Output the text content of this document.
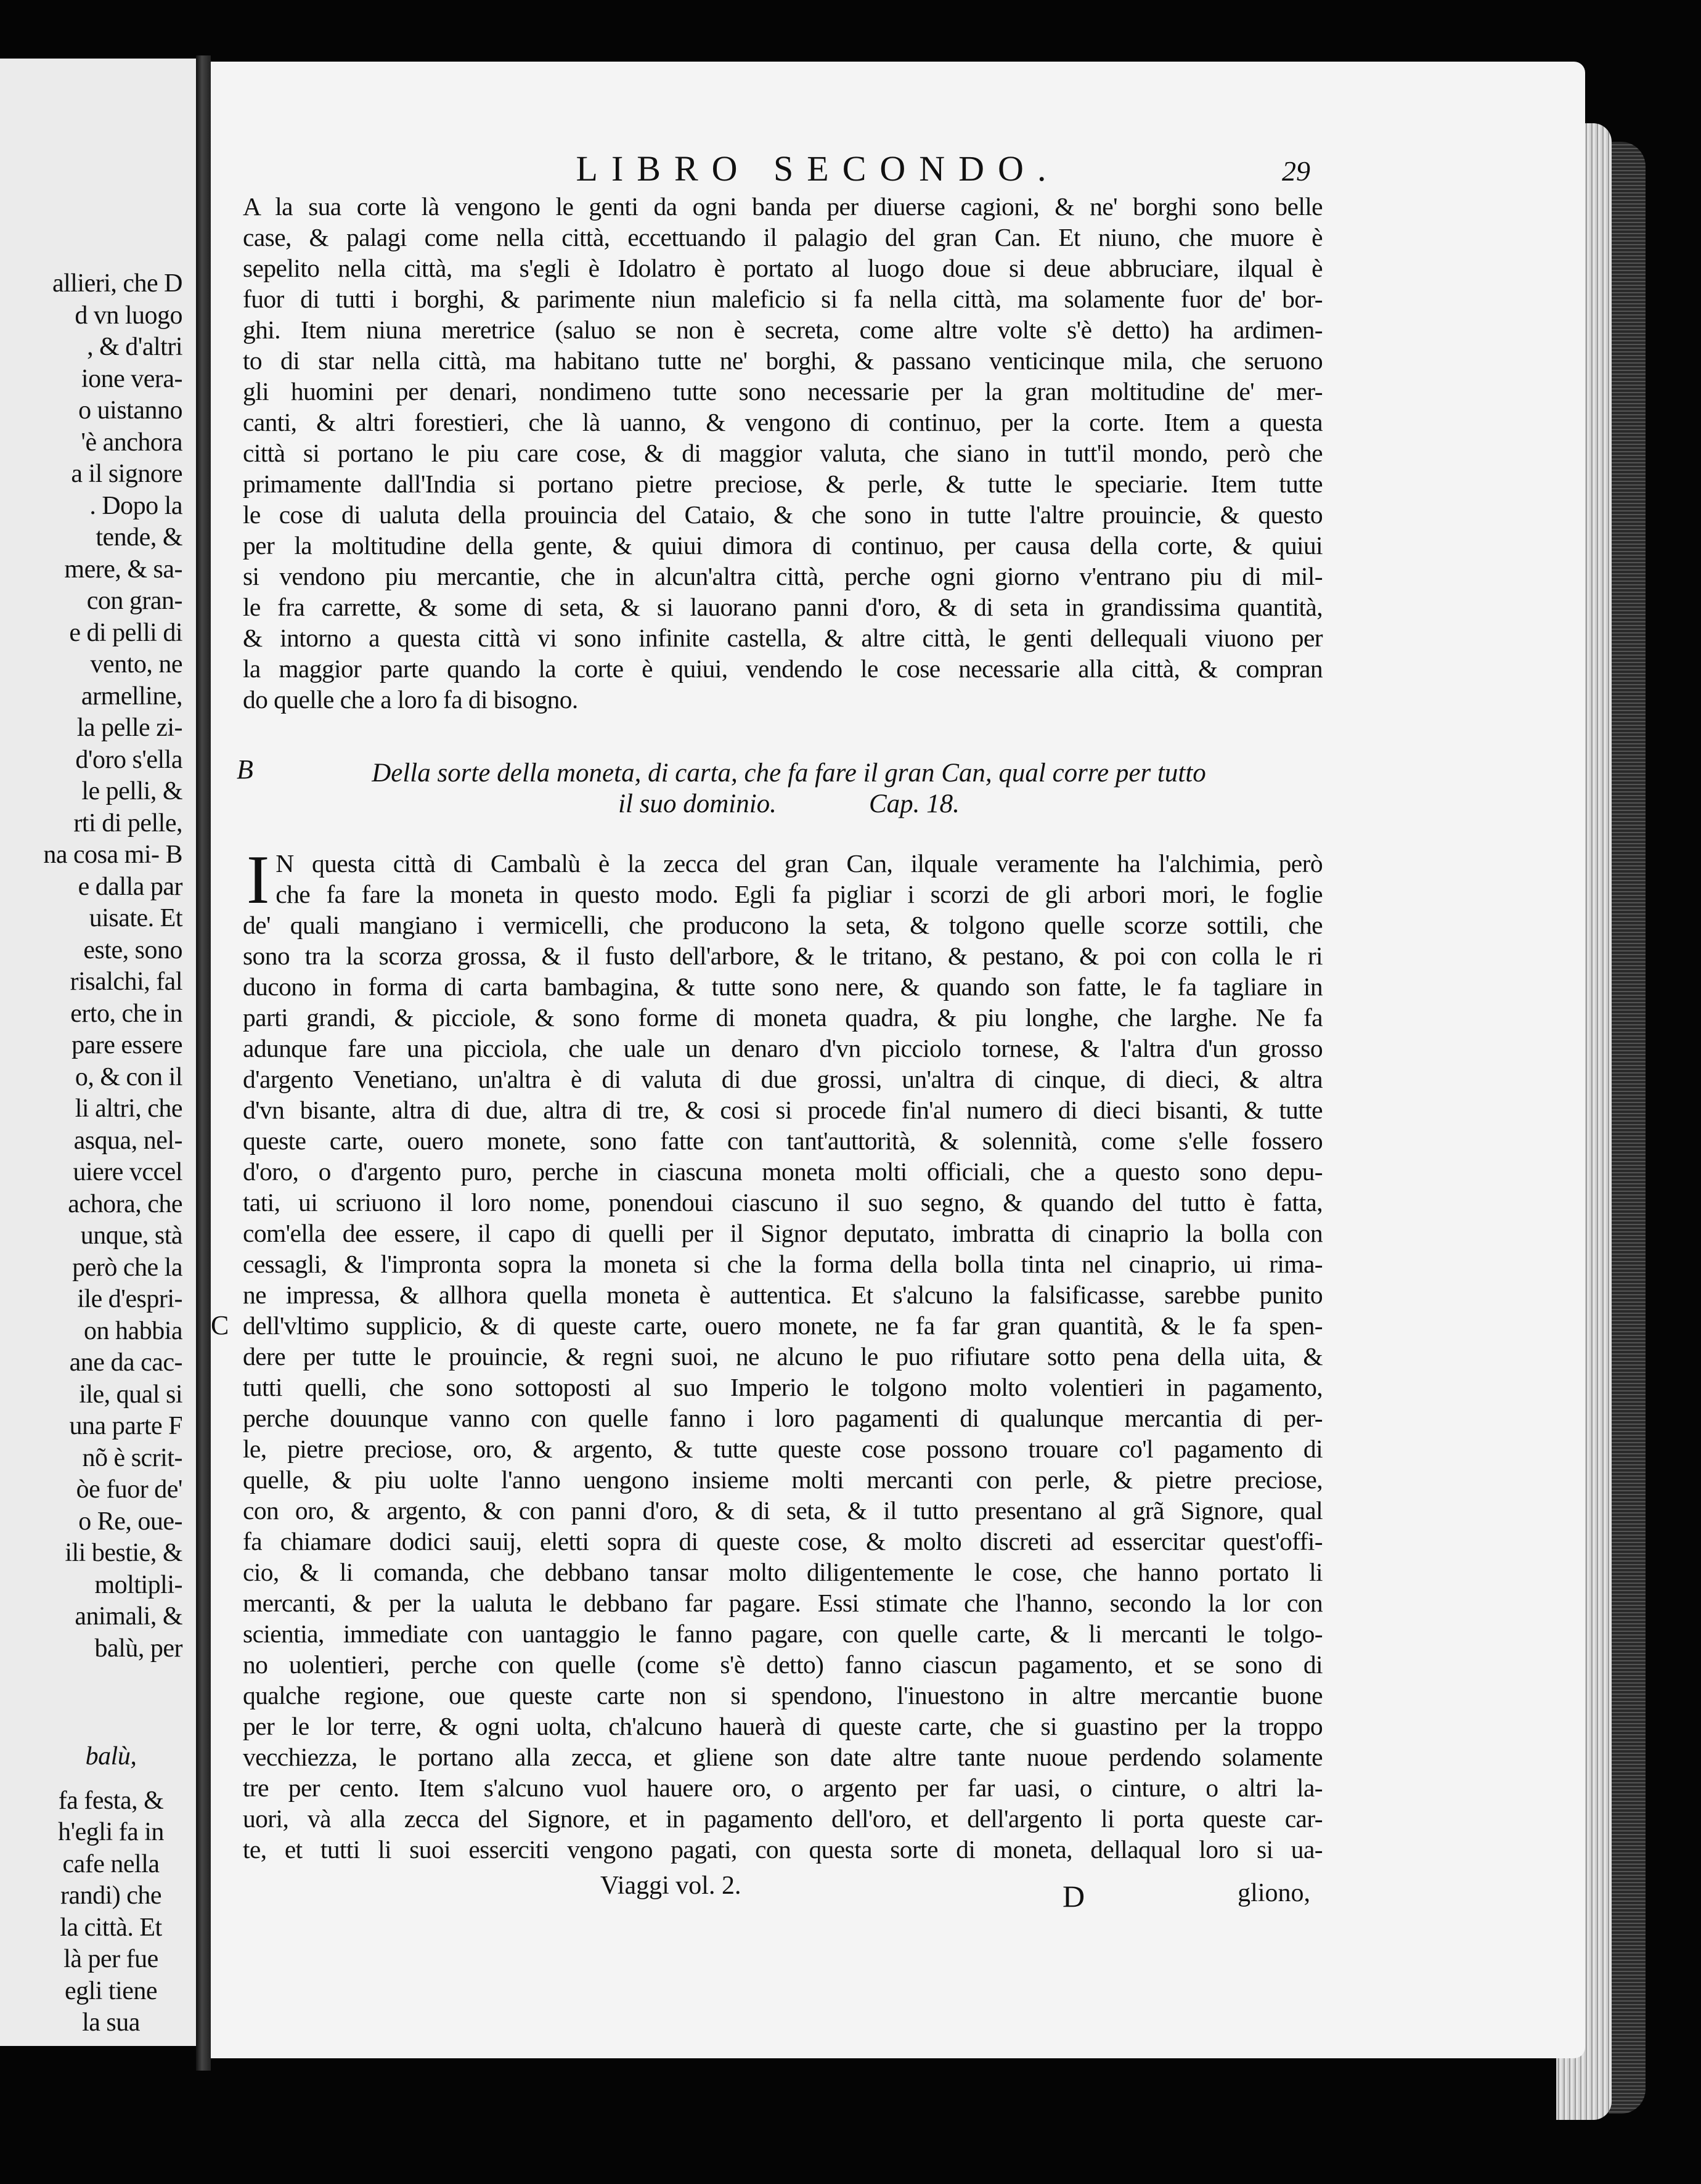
allieri, che D
d vn luogo
, & d'altri
ione vera-
o uistanno
'è anchora
a il signore
. Dopo la
tende, &
mere, & sa-
con gran-
e di pelli di
vento, ne
armelline,
la pelle zi-
d'oro s'ella
le pelli, &
rti di pelle,
na cosa mi- B
e dalla par
uisate. Et
este, sono
risalchi, fal
erto, che in
pare essere
o, & con il
li altri, che
asqua, nel-
uiere vccel
achora, che
unque, stà
però che la
ile d'espri-
on habbia
ane da cac-
ile, qual si
una parte F
nõ è scrit-
òe fuor de'
o Re, oue-
ili bestie, &
moltipli-
animali, &
balù, per
balù,
fa festa, &
h'egli fa in
cafe nella
randi) che
la città. Et
là per fue
egli tiene
la sua
LIBRO SECONDO.	29
A la sua corte là vengono le genti da ogni banda per diuerse cagioni, & ne' borghi sono belle
case, & palagi come nella città, eccettuando il palagio del gran Can. Et niuno, che muore è
sepelito nella città, ma s'egli è Idolatro è portato al luogo doue si deue abbruciare, ilqual è
fuor di tutti i borghi, & parimente niun maleficio si fa nella città, ma solamente fuor de' bor-
ghi. Item niuna meretrice (saluo se non è secreta, come altre volte s'è detto) ha ardimen-
to di star nella città, ma habitano tutte ne' borghi, & passano venticinque mila, che seruono
gli huomini per denari, nondimeno tutte sono necessarie per la gran moltitudine de' mer-
canti, & altri forestieri, che là uanno, & vengono di continuo, per la corte. Item a questa
città si portano le piu care cose, & di maggior valuta, che siano in tutt'il mondo, però che
primamente dall'India si portano pietre preciose, & perle, & tutte le speciarie. Item tutte
le cose di ualuta della prouincia del Cataio, & che sono in tutte l'altre prouincie, & questo
per la moltitudine della gente, & quiui dimora di continuo, per causa della corte, & quiui
si vendono piu mercantie, che in alcun'altra città, perche ogni giorno v'entrano piu di mil-
le fra carrette, & some di seta, & si lauorano panni d'oro, & di seta in grandissima quantità,
& intorno a questa città vi sono infinite castella, & altre città, le genti dellequali viuono per
la maggior parte quando la corte è quiui, vendendo le cose necessarie alla città, & compran
do quelle che a loro fa di bisogno.
B	Della sorte della moneta, di carta, che fa fare il gran Can, qual corre per tutto
il suo dominio.	Cap. 18.
I N questa città di Cambalù è la zecca del gran Can, ilquale veramente ha l'alchimia, però
che fa fare la moneta in questo modo. Egli fa pigliar i scorzi de gli arbori mori, le foglie
de' quali mangiano i vermicelli, che producono la seta, & tolgono quelle scorze sottili, che
sono tra la scorza grossa, & il fusto dell'arbore, & le tritano, & pestano, & poi con colla le ri
ducono in forma di carta bambagina, & tutte sono nere, & quando son fatte, le fa tagliare in
parti grandi, & picciole, & sono forme di moneta quadra, & piu longhe, che larghe. Ne fa
adunque fare una picciola, che uale un denaro d'vn picciolo tornese, & l'altra d'un grosso
d'argento Venetiano, un'altra è di valuta di due grossi, un'altra di cinque, di dieci, & altra
d'vn bisante, altra di due, altra di tre, & cosi si procede fin'al numero di dieci bisanti, & tutte
queste carte, ouero monete, sono fatte con tant'auttorità, & solennità, come s'elle fossero
d'oro, o d'argento puro, perche in ciascuna moneta molti officiali, che a questo sono depu-
tati, ui scriuono il loro nome, ponendoui ciascuno il suo segno, & quando del tutto è fatta,
com'ella dee essere, il capo di quelli per il Signor deputato, imbratta di cinaprio la bolla con
cessagli, & l'impronta sopra la moneta si che la forma della bolla tinta nel cinaprio, ui rima-
ne impressa, & allhora quella moneta è auttentica. Et s'alcuno la falsificasse, sarebbe punito
C dell'vltimo supplicio, & di queste carte, ouero monete, ne fa far gran quantità, & le fa spen-
dere per tutte le prouincie, & regni suoi, ne alcuno le puo rifiutare sotto pena della uita, &
tutti quelli, che sono sottoposti al suo Imperio le tolgono molto volentieri in pagamento,
perche douunque vanno con quelle fanno i loro pagamenti di qualunque mercantia di per-
le, pietre preciose, oro, & argento, & tutte queste cose possono trouare co'l pagamento di
quelle, & piu uolte l'anno uengono insieme molti mercanti con perle, & pietre preciose,
con oro, & argento, & con panni d'oro, & di seta, & il tutto presentano al grã Signore, qual
fa chiamare dodici sauij, eletti sopra di queste cose, & molto discreti ad essercitar quest'offi-
cio, & li comanda, che debbano tansar molto diligentemente le cose, che hanno portato li
mercanti, & per la ualuta le debbano far pagare. Essi stimate che l'hanno, secondo la lor con
scientia, immediate con uantaggio le fanno pagare, con quelle carte, & li mercanti le tolgo-
no uolentieri, perche con quelle (come s'è detto) fanno ciascun pagamento, et se sono di
qualche regione, oue queste carte non si spendono, l'inuestono in altre mercantie buone
per le lor terre, & ogni uolta, ch'alcuno hauerà di queste carte, che si guastino per la troppo
vecchiezza, le portano alla zecca, et gliene son date altre tante nuoue perdendo solamente
tre per cento. Item s'alcuno vuol hauere oro, o argento per far uasi, o cinture, o altri la-
uori, và alla zecca del Signore, et in pagamento dell'oro, et dell'argento li porta queste car-
te, et tutti li suoi esserciti vengono pagati, con questa sorte di moneta, dellaqual loro si ua-
Viaggi vol. 2.	D	gliono,
